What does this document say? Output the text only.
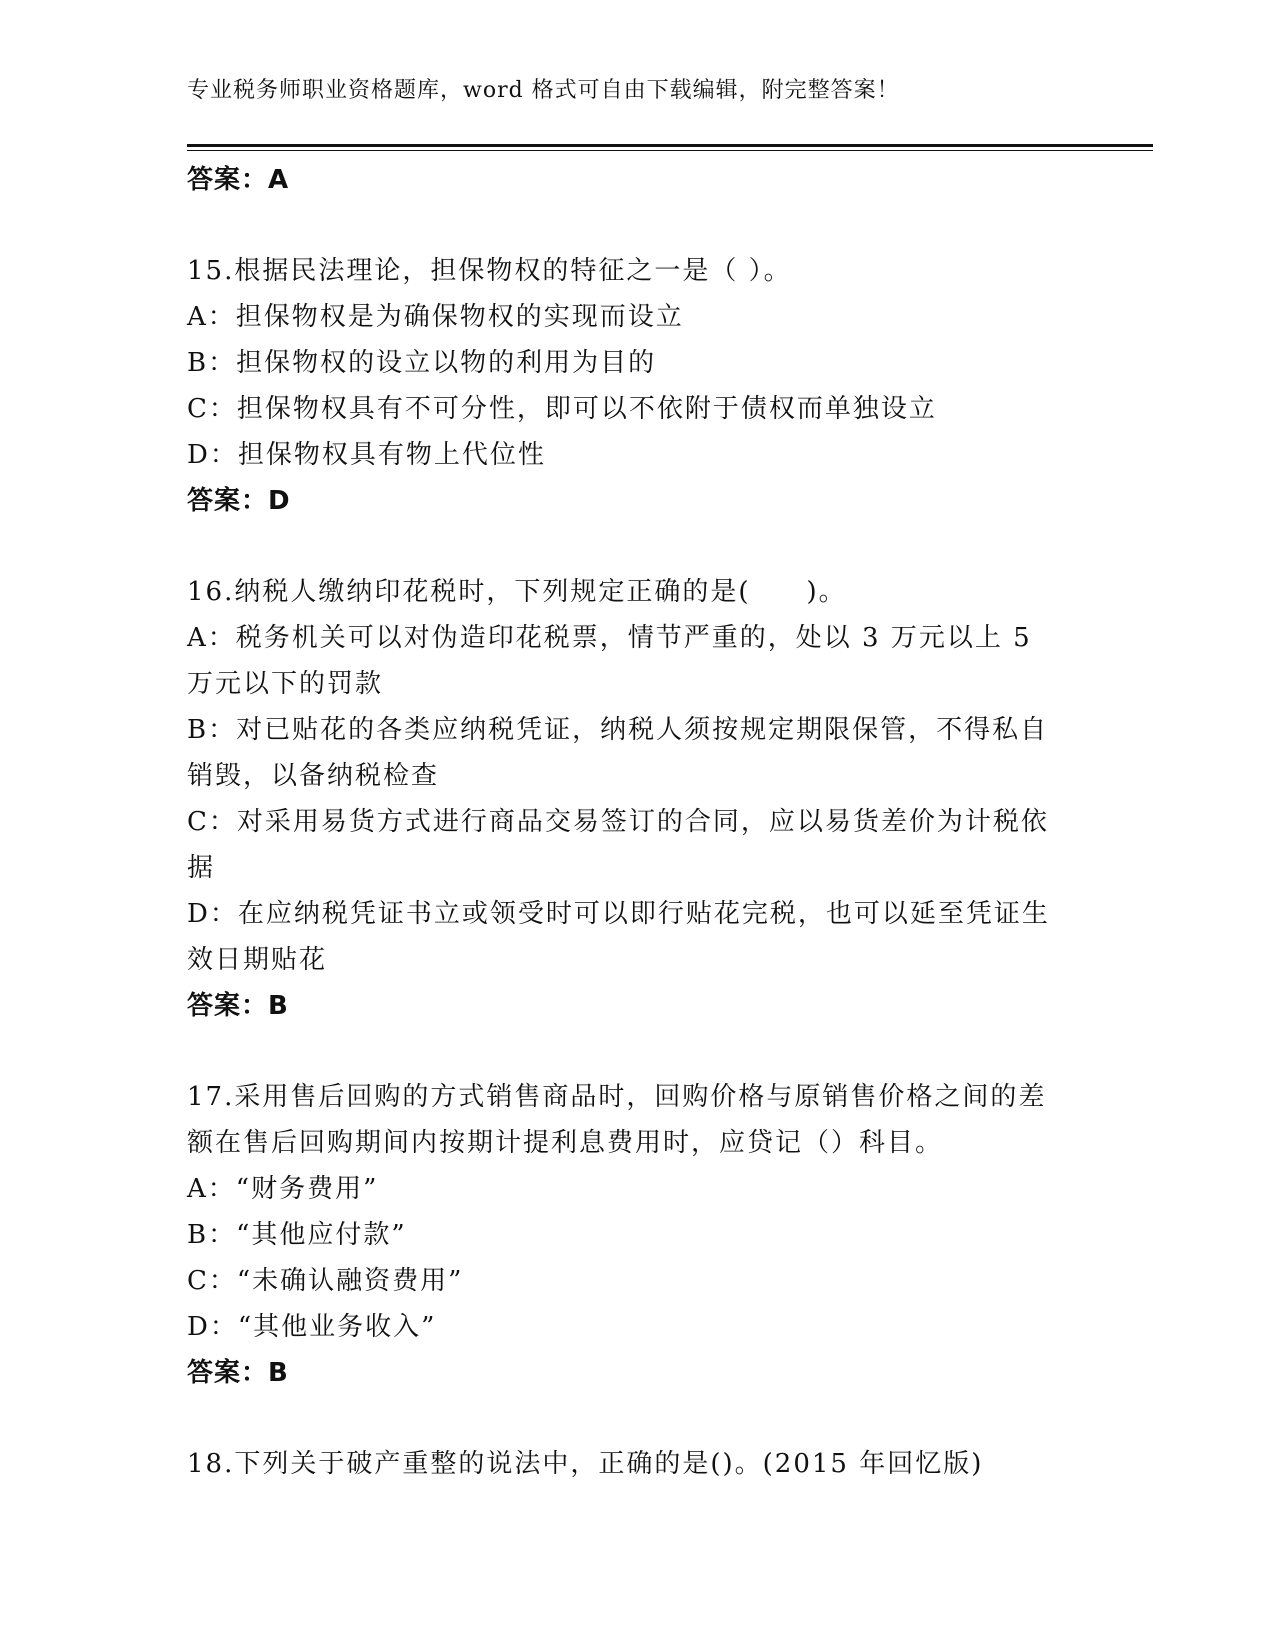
专业税务师职业资格题库，word 格式可自由下载编辑，附完整答案！
答案：A
15.根据民法理论，担保物权的特征之一是（ ）。
A：担保物权是为确保物权的实现而设立
B：担保物权的设立以物的利用为目的
C：担保物权具有不可分性，即可以不依附于债权而单独设立
D：担保物权具有物上代位性
答案：D
16.纳税人缴纳印花税时，下列规定正确的是(　　)。
A：税务机关可以对伪造印花税票，情节严重的，处以 3 万元以上 5 万元以下的罚款
B：对已贴花的各类应纳税凭证，纳税人须按规定期限保管，不得私自销毁，以备纳税检查
C：对采用易货方式进行商品交易签订的合同，应以易货差价为计税依据
D：在应纳税凭证书立或领受时可以即行贴花完税，也可以延至凭证生效日期贴花
答案：B
17.采用售后回购的方式销售商品时，回购价格与原销售价格之间的差额在售后回购期间内按期计提利息费用时，应贷记（）科目。
A：“财务费用”
B：“其他应付款”
C：“未确认融资费用”
D：“其他业务收入”
答案：B
18.下列关于破产重整的说法中，正确的是()。(2015 年回忆版)
